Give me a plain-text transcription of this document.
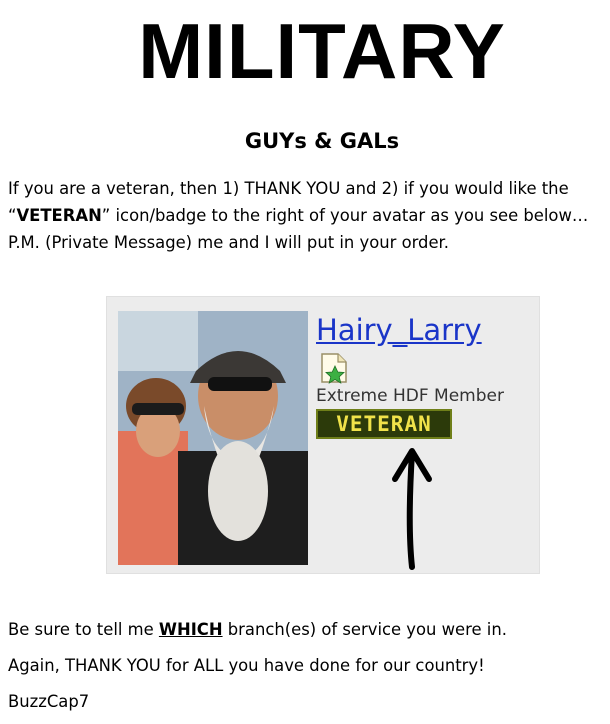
MILITARY
GUYs & GALs
If you are a veteran, then 1) THANK YOU and 2) if you would like the
“VETERAN” icon/badge to the right of your avatar as you see below…
P.M. (Private Message) me and I will put in your order.
Hairy_Larry
Extreme HDF Member
VETERAN
Be sure to tell me WHICH branch(es) of service you were in.
Again, THANK YOU for ALL you have done for our country!
BuzzCap7
